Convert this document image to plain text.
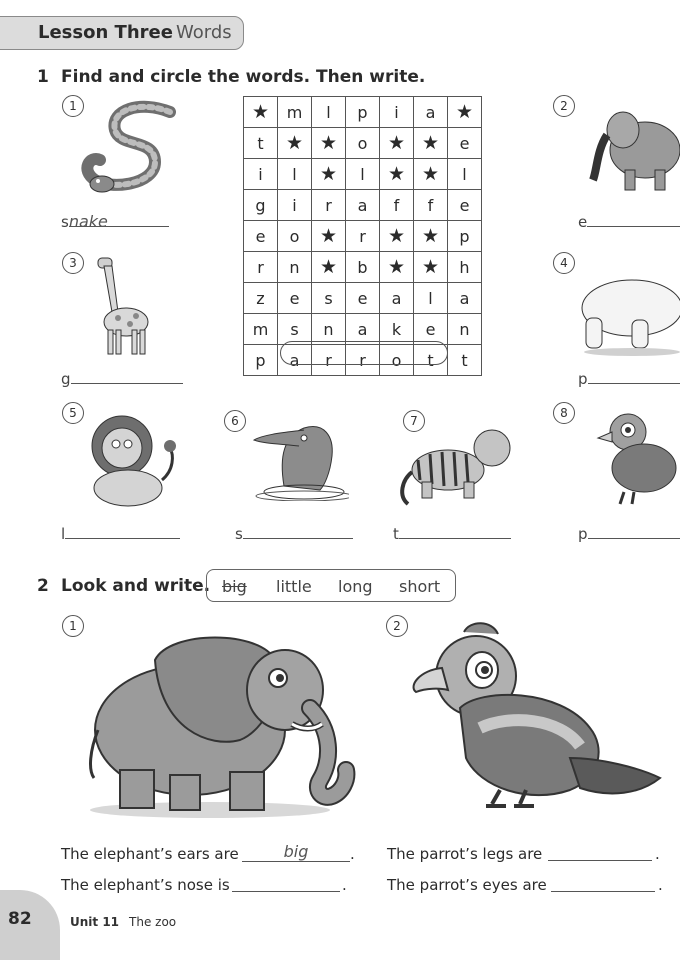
Lesson Three Words
1 Find and circle the words. Then write.
1
snake
3
g
★	m	l	p	i	a	★
t	★	★	o	★	★	e
i	l	★	l	★	★	l
g	i	r	a	f	f	e
e	o	★	r	★	★	p
r	n	★	b	★	★	h
z	e	s	e	a	l	a
m	s	n	a	k	e	n
p	a	r	r	o	t	t
2
e
4
p
5
l
6
s
7
t
8
p
2 Look and write. big little long short
1	2
The elephant’s ears are	big	. The parrot’s legs are	.
The elephant’s nose is	.	The parrot’s eyes are	.
82	Unit 11 The zoo
